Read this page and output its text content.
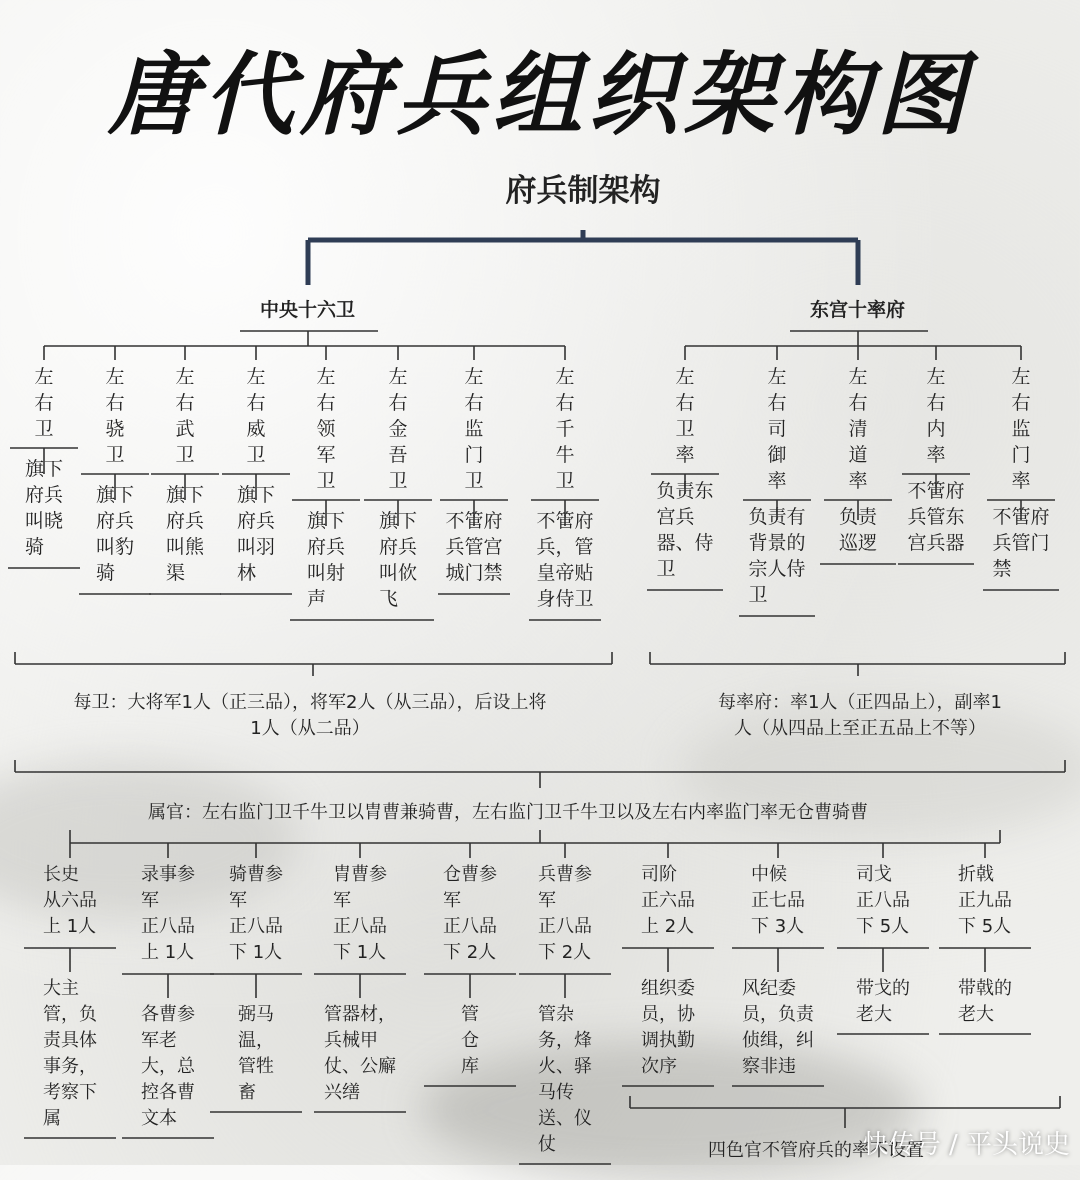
唐代府兵组织架构图
府兵制架构
中央十六卫	东宫十率府
左
右
卫
旗下
府兵
叫晓
骑
左
右
骁
卫
旗下
府兵
叫豹
骑
左
右
武
卫
旗下
府兵
叫熊
渠
左
右
威
卫
旗下
府兵
叫羽
林
左
右
领
军
卫
旗下
府兵
叫射
声
左
右
金
吾
卫
旗下
府兵
叫佽
飞
左
右
监
门
卫
不管府
兵管宫
城门禁
左
右
千
牛
卫
不管府
兵，管
皇帝贴
身侍卫
左
右
卫
率
负责东
宫兵
器、侍
卫
左
右
司
御
率
负责有
背景的
宗人侍
卫
左
右
清
道
率
负责
巡逻
左
右
内
率
不管府
兵管东
宫兵器
左
右
监
门
率
不管府
兵管门
禁
每卫：大将军1人（正三品），将军2人（从三品），后设上将
1人（从二品）
每率府：率1人（正四品上），副率1
人（从四品上至正五品上不等）
属官：左右监门卫千牛卫以胄曹兼骑曹，左右监门卫千牛卫以及左右内率监门率无仓曹骑曹
长史
从六品
上 1人
大主
管，负
责具体
事务，
考察下
属
录事参
军
正八品
上 1人
各曹参
军老
大，总
控各曹
文本
骑曹参
军
正八品
下 1人
弼马
温，
管牲
畜
胄曹参
军
正八品
下 1人
管器材，
兵械甲
仗、公廨
兴缮
仓曹参
军
正八品
下 2人
管
仓
库
兵曹参
军
正八品
下 2人
管杂
务，烽
火、驿
马传
送、仪
仗
司阶
正六品
上 2人
组织委
员，协
调执勤
次序
中候
正七品
下 3人
风纪委
员，负责
侦缉，纠
察非违
司戈
正八品
下 5人
带戈的
老大
折戟
正九品
下 5人
带戟的
老大
四色官不管府兵的率不设置
快传号 / 平头说史
